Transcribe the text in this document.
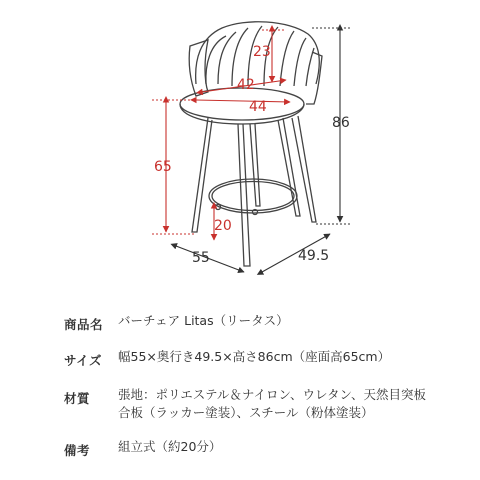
23
42
44
65
20
86
55	49.5
商品名 バーチェア Litas（リータス）
サイズ 幅55×奥行き49.5×高さ86cm（座面高65cm）
材質 張地：ポリエステル＆ナイロン、ウレタン、天然目突板
合板（ラッカー塗装）、スチール（粉体塗装）
備考 組立式（約20分）
